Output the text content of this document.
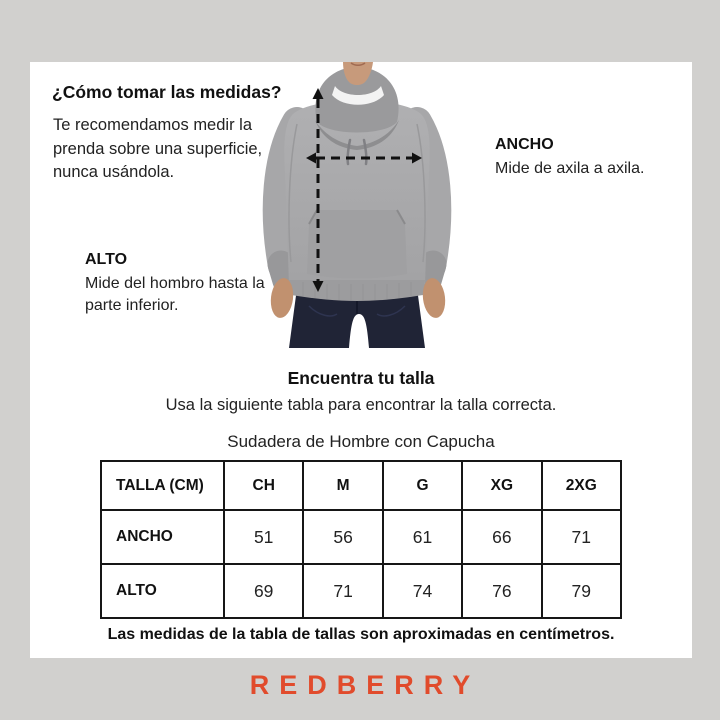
¿Cómo tomar las medidas?

Te recomendamos medir la prenda sobre una superficie, nunca usándola.

ANCHO

Mide de axila a axila.

ALTO

Mide del hombro hasta la parte inferior.

Encuentra tu talla

Usa la siguiente tabla para encontrar la talla correcta.

Sudadera de Hombre con Capucha
TALLA (CM)	CH	M	G	XG	2XG
ANCHO	51	56	61	66	71
ALTO	69	71	74	76	79
Las medidas de la tabla de tallas son aproximadas en centímetros.
REDBERRY
